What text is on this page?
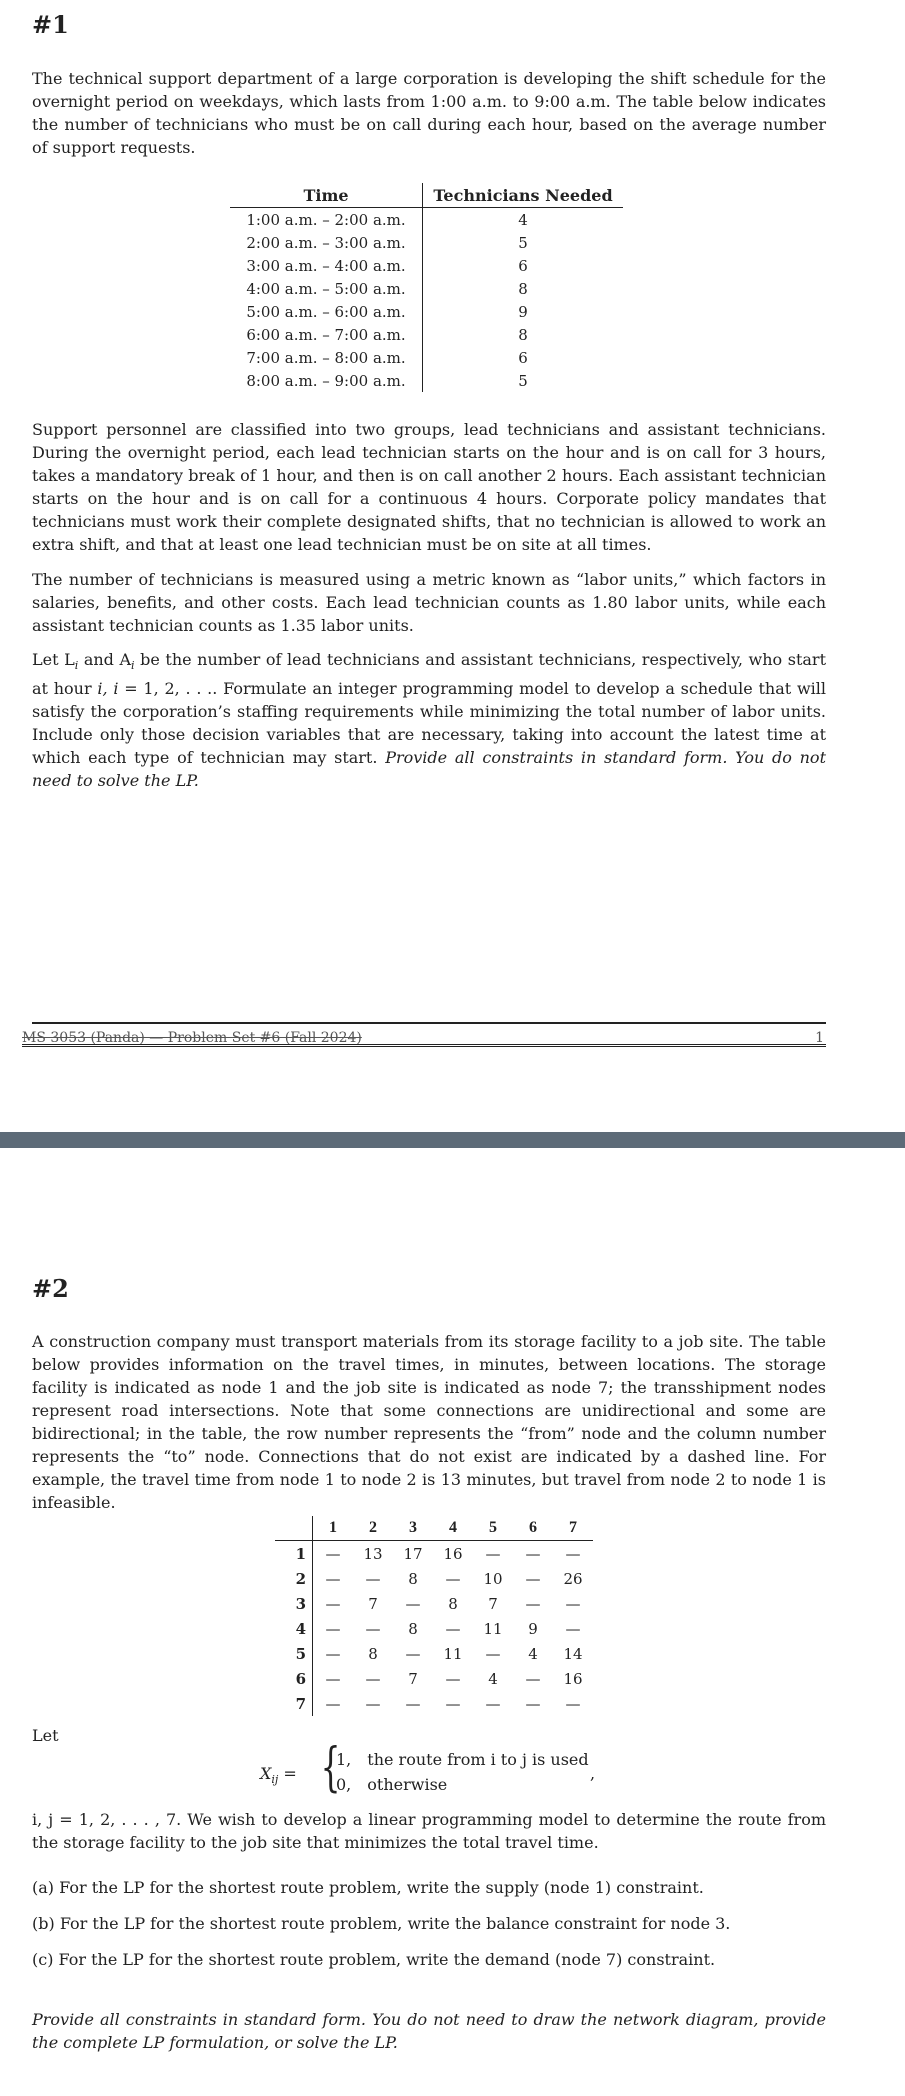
#1

The technical support department of a large corporation is developing the shift schedule for the overnight period on weekdays, which lasts from 1:00 a.m. to 9:00 a.m. The table below indicates the number of technicians who must be on call during each hour, based on the average number of support requests.

Time	Technicians Needed
1:00 a.m. – 2:00 a.m.	4
2:00 a.m. – 3:00 a.m.	5
3:00 a.m. – 4:00 a.m.	6
4:00 a.m. – 5:00 a.m.	8
5:00 a.m. – 6:00 a.m.	9
6:00 a.m. – 7:00 a.m.	8
7:00 a.m. – 8:00 a.m.	6
8:00 a.m. – 9:00 a.m.	5

Support personnel are classified into two groups, lead technicians and assistant technicians. During the overnight period, each lead technician starts on the hour and is on call for 3 hours, takes a mandatory break of 1 hour, and then is on call another 2 hours. Each assistant technician starts on the hour and is on call for a continuous 4 hours. Corporate policy mandates that technicians must work their complete designated shifts, that no technician is allowed to work an extra shift, and that at least one lead technician must be on site at all times.

The number of technicians is measured using a metric known as “labor units,” which factors in salaries, benefits, and other costs. Each lead technician counts as 1.80 labor units, while each assistant technician counts as 1.35 labor units.

Let $L_i$ and $A_i$ be the number of lead technicians and assistant technicians, respectively, who start at hour i, i = 1, 2, . . .. Formulate an integer programming model to develop a schedule that will satisfy the corporation’s staffing requirements while minimizing the total number of labor units. Include only those decision variables that are necessary, taking into account the latest time at which each type of technician may start. Provide all constraints in standard form. You do not need to solve the LP.

MS 3053 (Panda) — Problem Set #6 (Fall 2024)	1
#2

A construction company must transport materials from its storage facility to a job site. The table below provides information on the travel times, in minutes, between locations. The storage facility is indicated as node 1 and the job site is indicated as node 7; the transshipment nodes represent road intersections. Note that some connections are unidirectional and some are bidirectional; in the table, the row number represents the “from” node and the column number represents the “to” node. Connections that do not exist are indicated by a dashed line. For example, the travel time from node 1 to node 2 is 13 minutes, but travel from node 2 to node 1 is infeasible.

	1	2	3	4	5	6	7
1	—	13	17	16	—	—	—
2	—	—	8	—	10	—	26
3	—	7	—	8	7	—	—
4	—	—	8	—	11	9	—
5	—	8	—	11	—	4	14
6	—	—	7	—	4	—	16
7	—	—	—	—	—	—	—
Let
$X_{ij}$ = {
1, the route from i to j is used
0, otherwise
,

i, j = 1, 2, . . . , 7. We wish to develop a linear programming model to determine the route from the storage facility to the job site that minimizes the total travel time.

(a) For the LP for the shortest route problem, write the supply (node 1) constraint.
(b) For the LP for the shortest route problem, write the balance constraint for node 3.
(c) For the LP for the shortest route problem, write the demand (node 7) constraint.

Provide all constraints in standard form. You do not need to draw the network diagram, provide the complete LP formulation, or solve the LP.
